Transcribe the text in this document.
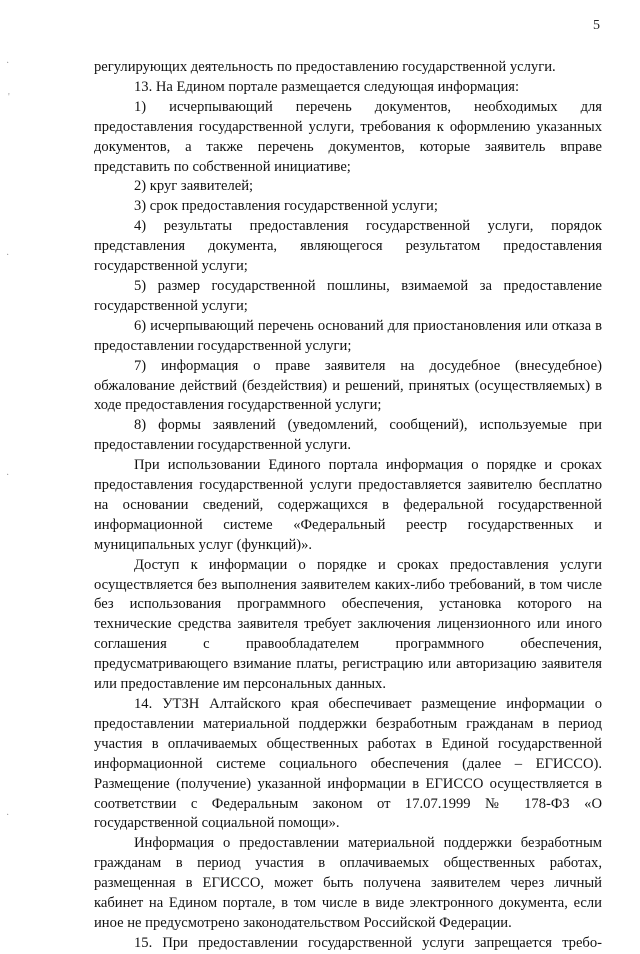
5
·
'
·
·
·

регулирующих деятельность по предоставлению государственной услуги.

13. На Едином портале размещается следующая информация:

1) исчерпывающий перечень документов, необходимых для предоставления государственной услуги, требования к оформлению указанных документов, а также перечень документов, которые заявитель вправе представить по собственной инициативе;

2) круг заявителей;

3) срок предоставления государственной услуги;

4) результаты предоставления государственной услуги, порядок представления документа, являющегося результатом предоставления государственной услуги;

5) размер государственной пошлины, взимаемой за предоставление государственной услуги;

6) исчерпывающий перечень оснований для приостановления или отказа в предоставлении государственной услуги;

7) информация о праве заявителя на досудебное (внесудебное) обжалование действий (бездействия) и решений, принятых (осуществляемых) в ходе предоставления государственной услуги;

8) формы заявлений (уведомлений, сообщений), используемые при предоставлении государственной услуги.

При использовании Единого портала информация о порядке и сроках предоставления государственной услуги предоставляется заявителю бесплатно на основании сведений, содержащихся в федеральной государственной информационной системе «Федеральный реестр государственных и муниципальных услуг (функций)».

Доступ к информации о порядке и сроках предоставления услуги осуществляется без выполнения заявителем каких-либо требований, в том числе без использования программного обеспечения, установка которого на технические средства заявителя требует заключения лицензионного или иного соглашения с правообладателем программного обеспечения, предусматривающего взимание платы, регистрацию или авторизацию заявителя или предоставление им персональных данных.

14. УТЗН Алтайского края обеспечивает размещение информации о предоставлении материальной поддержки безработным гражданам в период участия в оплачиваемых общественных работах в Единой государственной информационной системе социального обеспечения (далее – ЕГИССО). Размещение (получение) указанной информации в ЕГИССО осуществляется в соответствии с Федеральным законом от 17.07.1999 № 178-ФЗ «О государственной социальной помощи».

Информация о предоставлении материальной поддержки безработным гражданам в период участия в оплачиваемых общественных работах, размещенная в ЕГИССО, может быть получена заявителем через личный кабинет на Едином портале, в том числе в виде электронного документа, если иное не предусмотрено законодательством Российской Федерации.

15. При предоставлении государственной услуги запрещается требо-
